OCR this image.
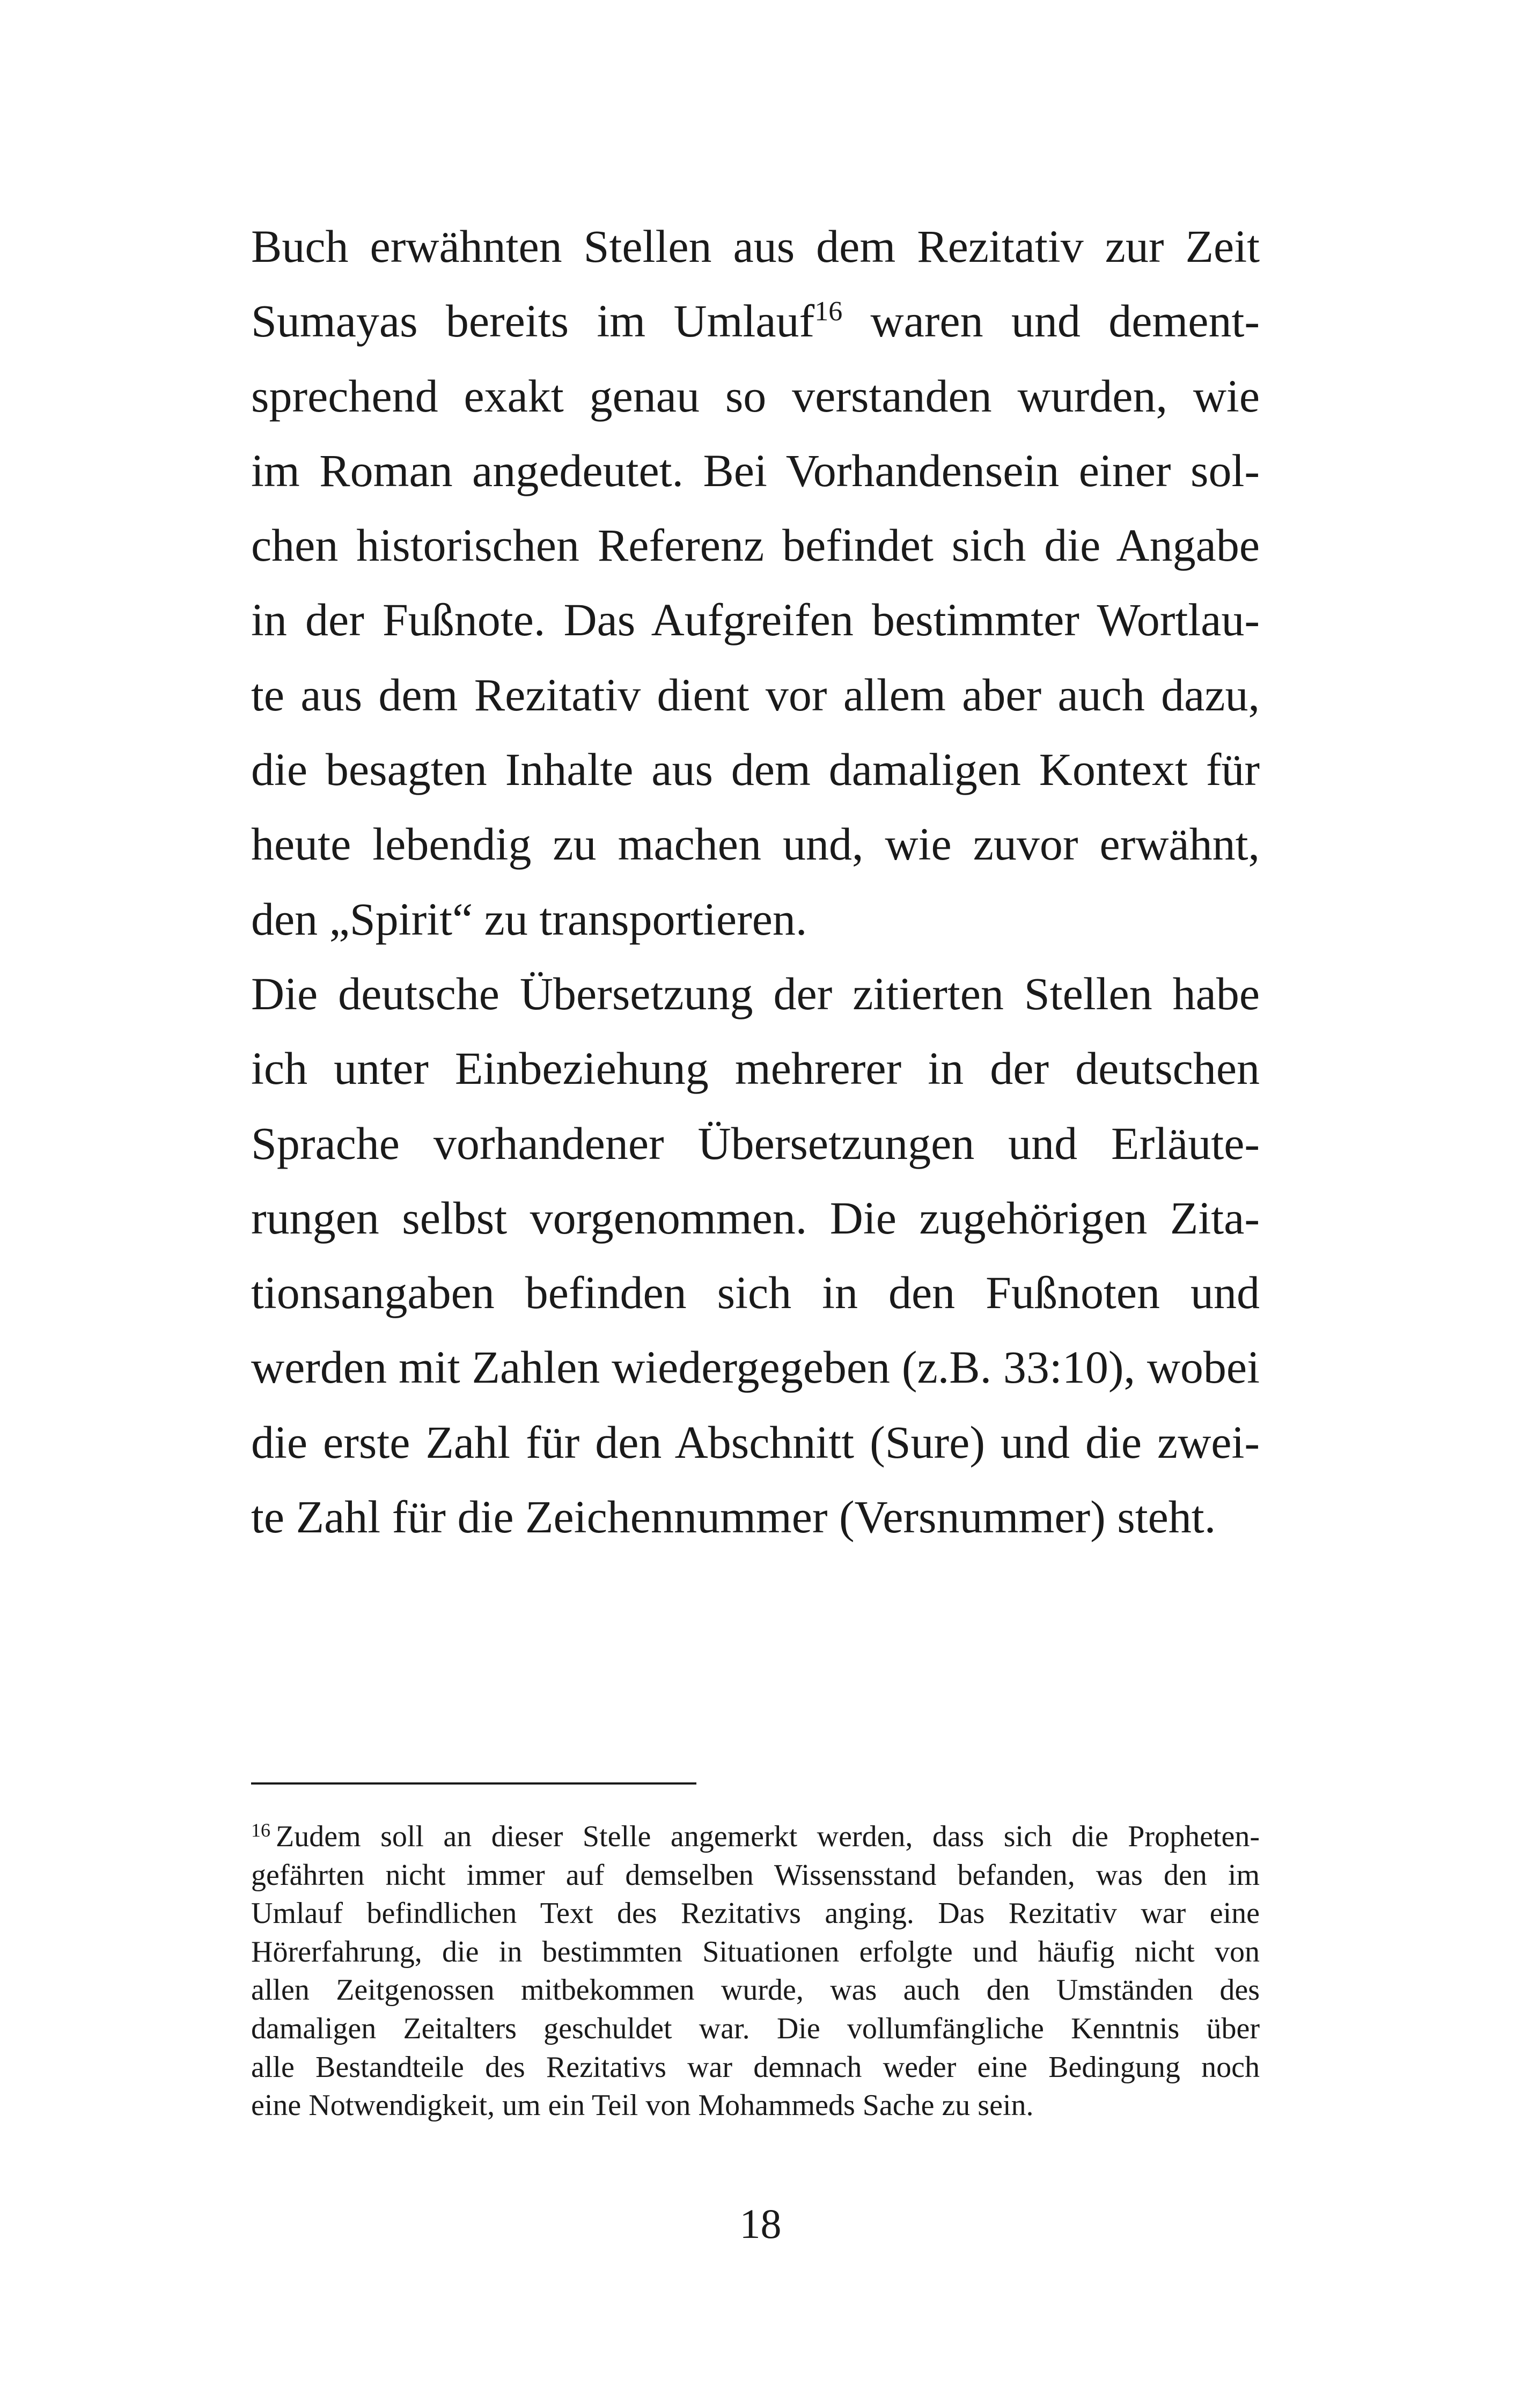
Buch erwähnten Stellen aus dem Rezitativ zur Zeit
Sumayas bereits im Umlauf$^{16}$ waren und dement-
sprechend exakt genau so verstanden wurden, wie
im Roman angedeutet. Bei Vorhandensein einer sol-
chen historischen Referenz befindet sich die Angabe
in der Fußnote. Das Aufgreifen bestimmter Wortlau-
te aus dem Rezitativ dient vor allem aber auch dazu,
die besagten Inhalte aus dem damaligen Kontext für
heute lebendig zu machen und, wie zuvor erwähnt,
den „Spirit“ zu transportieren.
Die deutsche Übersetzung der zitierten Stellen habe
ich unter Einbeziehung mehrerer in der deutschen
Sprache vorhandener Übersetzungen und Erläute-
rungen selbst vorgenommen. Die zugehörigen Zita-
tionsangaben befinden sich in den Fußnoten und
werden mit Zahlen wiedergegeben (z.B. 33:10), wobei
die erste Zahl für den Abschnitt (Sure) und die zwei-
te Zahl für die Zeichennummer (Versnummer) steht.
$^{16}$ Zudem soll an dieser Stelle angemerkt werden, dass sich die Propheten-
gefährten nicht immer auf demselben Wissensstand befanden, was den im
Umlauf befindlichen Text des Rezitativs anging. Das Rezitativ war eine
Hörerfahrung, die in bestimmten Situationen erfolgte und häufig nicht von
allen Zeitgenossen mitbekommen wurde, was auch den Umständen des
damaligen Zeitalters geschuldet war. Die vollumfängliche Kenntnis über
alle Bestandteile des Rezitativs war demnach weder eine Bedingung noch
eine Notwendigkeit, um ein Teil von Mohammeds Sache zu sein.
18
